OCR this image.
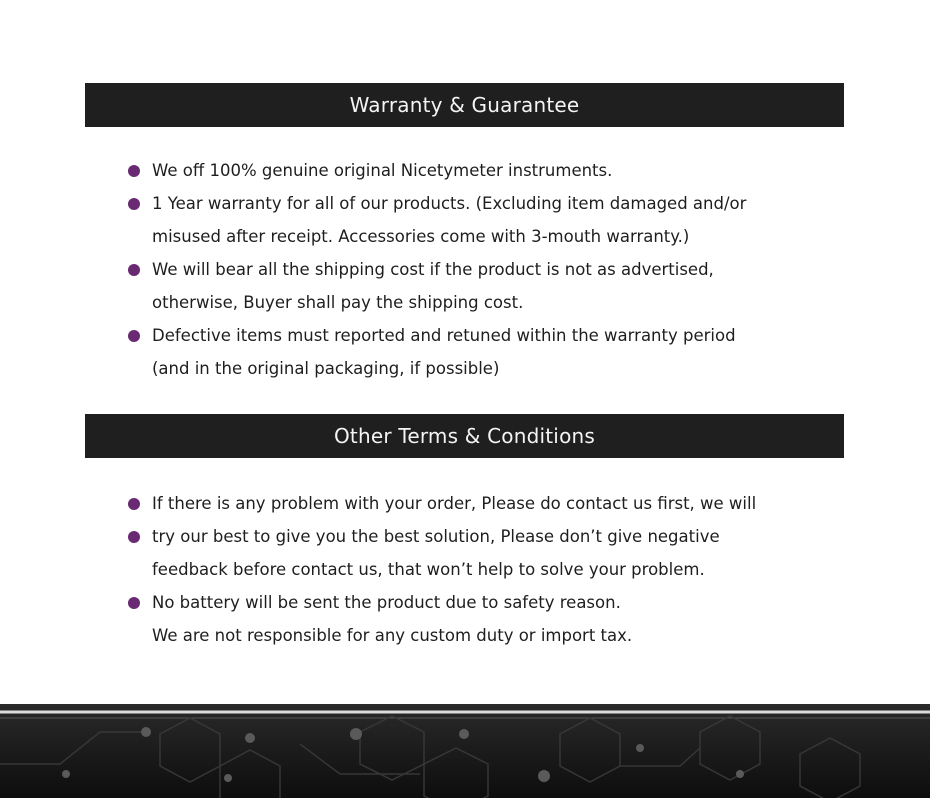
Warranty & Guarantee
We off 100% genuine original Nicetymeter instruments.
1 Year warranty for all of our products. (Excluding item damaged and/or
misused after receipt. Accessories come with 3-mouth warranty.)
We will bear all the shipping cost if the product is not as advertised,
otherwise, Buyer shall pay the shipping cost.
Defective items must reported and retuned within the warranty period
(and in the original packaging, if possible)
Other Terms & Conditions
If there is any problem with your order, Please do contact us first, we will
try our best to give you the best solution, Please don’t give negative
feedback before contact us, that won’t help to solve your problem.
No battery will be sent the product due to safety reason.
We are not responsible for any custom duty or import tax.
